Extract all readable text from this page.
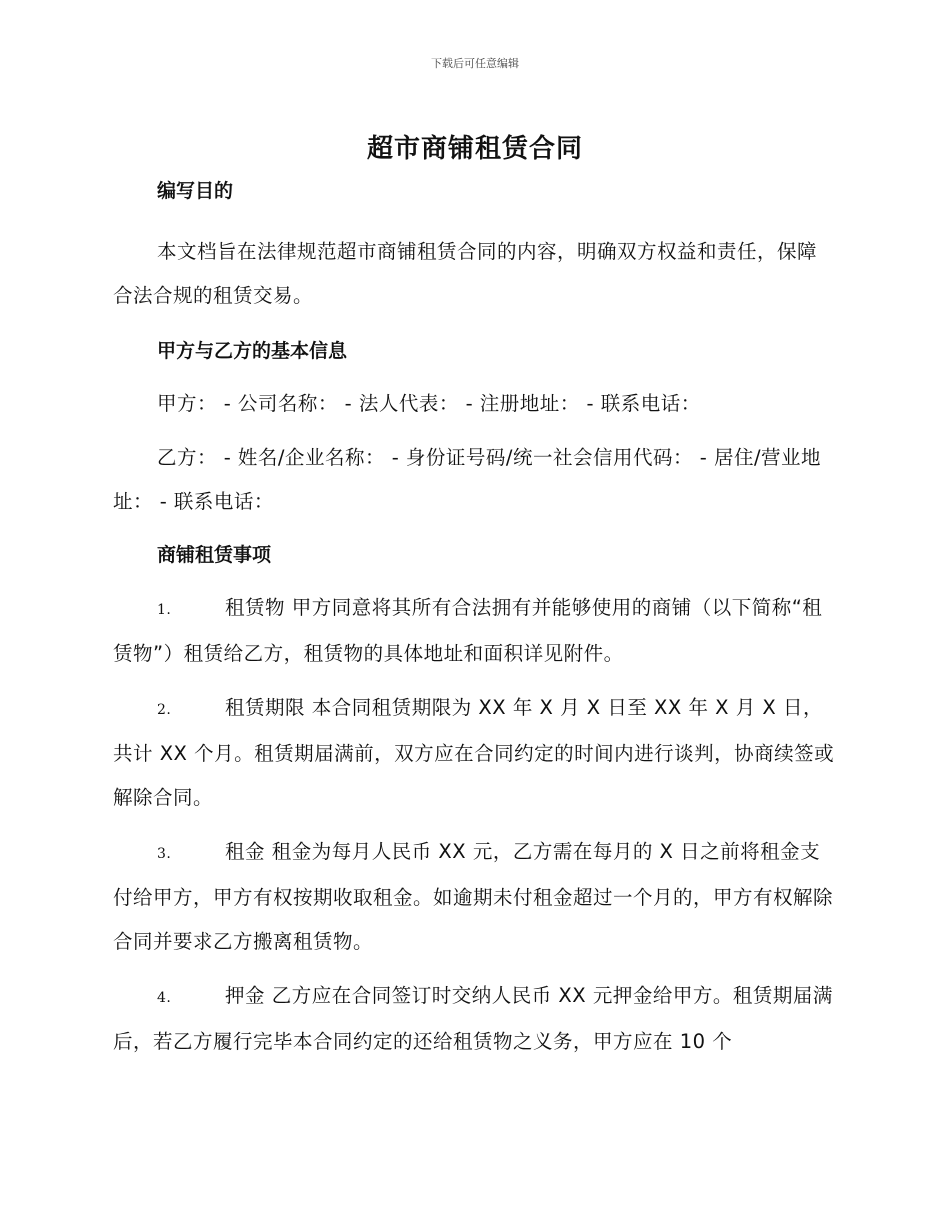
下载后可任意编辑
超市商铺租赁合同
编写目的

本文档旨在法律规范超市商铺租赁合同的内容，明确双方权益和责任，保障合法合规的租赁交易。

甲方与乙方的基本信息

甲方： - 公司名称： - 法人代表： - 注册地址： - 联系电话：

乙方： - 姓名/企业名称： - 身份证号码/统一社会信用代码： - 居住/营业地址： - 联系电话：

商铺租赁事项
1.	租赁物 甲方同意将其所有合法拥有并能够使用的商铺（以下简称“租赁物”）租赁给乙方，租赁物的具体地址和面积详见附件。
2.	租赁期限 本合同租赁期限为 XX 年 X 月 X 日至 XX 年 X 月 X 日，共计 XX 个月。租赁期届满前，双方应在合同约定的时间内进行谈判，协商续签或解除合同。
3.	租金 租金为每月人民币 XX 元，乙方需在每月的 X 日之前将租金支付给甲方，甲方有权按期收取租金。如逾期未付租金超过一个月的，甲方有权解除合同并要求乙方搬离租赁物。
4.	押金 乙方应在合同签订时交纳人民币 XX 元押金给甲方。租赁期届满后，若乙方履行完毕本合同约定的还给租赁物之义务，甲方应在 10 个
